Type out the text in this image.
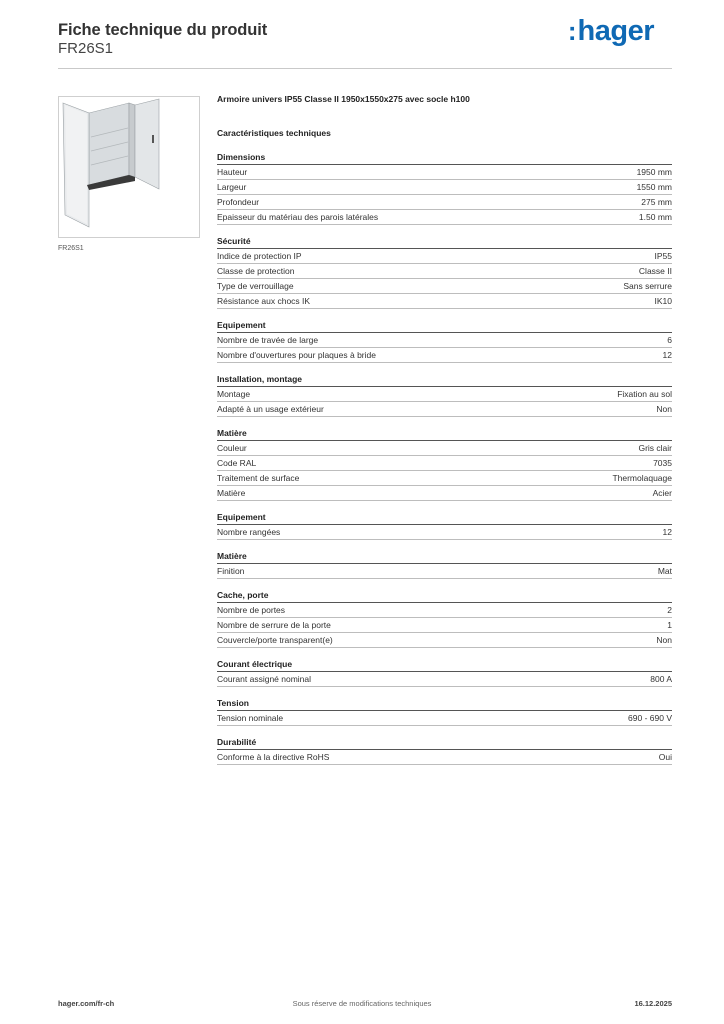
Fiche technique du produit
FR26S1
:hager
FR26S1
Armoire univers IP55 Classe II 1950x1550x275 avec socle h100
Caractéristiques techniques
Dimensions
Hauteur	1950 mm
Largeur	1550 mm
Profondeur	275 mm
Epaisseur du matériau des parois latérales	1.50 mm
Sécurité
Indice de protection IP	IP55
Classe de protection	Classe II
Type de verrouillage	Sans serrure
Résistance aux chocs IK	IK10
Equipement
Nombre de travée de large	6
Nombre d'ouvertures pour plaques à bride	12
Installation, montage
Montage	Fixation au sol
Adapté à un usage extérieur	Non
Matière
Couleur	Gris clair
Code RAL	7035
Traitement de surface	Thermolaquage
Matière	Acier
Equipement
Nombre rangées	12
Matière
Finition	Mat
Cache, porte
Nombre de portes	2
Nombre de serrure de la porte	1
Couvercle/porte transparent(e)	Non
Courant électrique
Courant assigné nominal	800 A
Tension
Tension nominale	690 - 690 V
Durabilité
Conforme à la directive RoHS	Oui
hager.com/fr-ch	Sous réserve de modifications techniques	16.12.2025
